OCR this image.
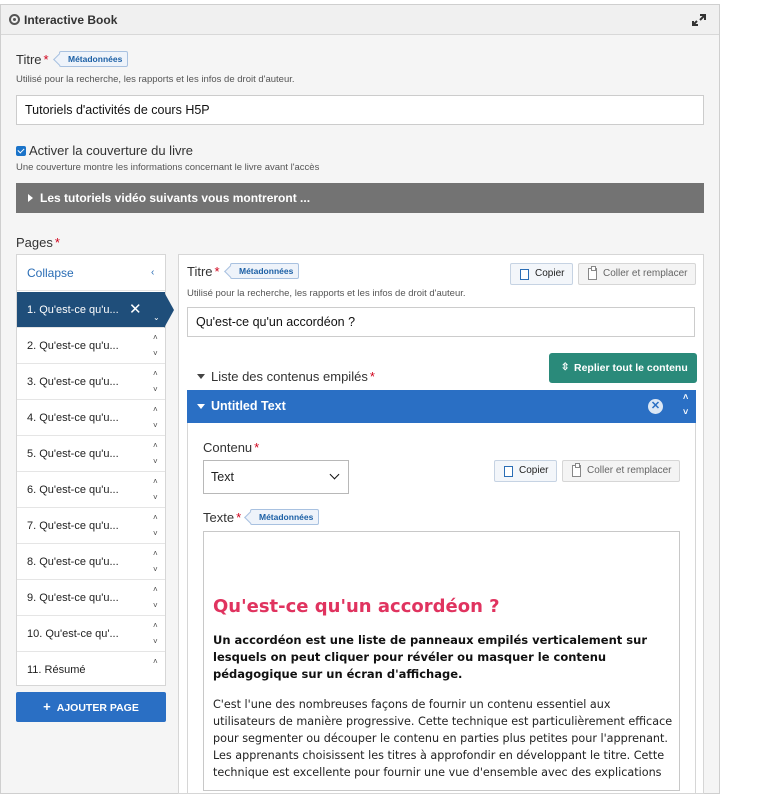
Interactive Book
Titre *	Métadonnées
Utilisé pour la recherche, les rapports et les infos de droit d'auteur.
Tutoriels d'activités de cours H5P
Activer la couverture du livre
Une couverture montre les informations concernant le livre avant l'accès
Les tutoriels vidéo suivants vous montreront ...
Pages *
Collapse	‹
1. Qu'est-ce qu'u... ✕ ⌄
2. Qu'est-ce qu'u...
˄
˅
3. Qu'est-ce qu'u...
˄
˅
4. Qu'est-ce qu'u...
˄
˅
5. Qu'est-ce qu'u...
˄
˅
6. Qu'est-ce qu'u...
˄
˅
7. Qu'est-ce qu'u...
˄
˅
8. Qu'est-ce qu'u...
˄
˅
9. Qu'est-ce qu'u...
˄
˅
10. Qu'est-ce qu'...
˄
˅
11. Résumé
˄
+ AJOUTER PAGE
Titre *	Métadonnées	Copier	Coller et remplacer
Utilisé pour la recherche, les rapports et les infos de droit d'auteur.
Qu'est-ce qu'un accordéon ?
Liste des contenus empilés *
⇳ Replier tout le contenu
Untitled Text	✕
˄
˅
Contenu *
Text	Copier	Coller et remplacer
Texte *	Métadonnées
Qu'est-ce qu'un accordéon ?
Un accordéon est une liste de panneaux empilés verticalement sur lesquels on peut cliquer pour révéler ou masquer le contenu pédagogique sur un écran d'affichage.
C'est l'une des nombreuses façons de fournir un contenu essentiel aux utilisateurs de manière progressive. Cette technique est particulièrement efficace pour segmenter ou découper le contenu en parties plus petites pour l'apprenant. Les apprenants choisissent les titres à approfondir en développant le titre. Cette technique est excellente pour fournir une vue d'ensemble avec des explications
